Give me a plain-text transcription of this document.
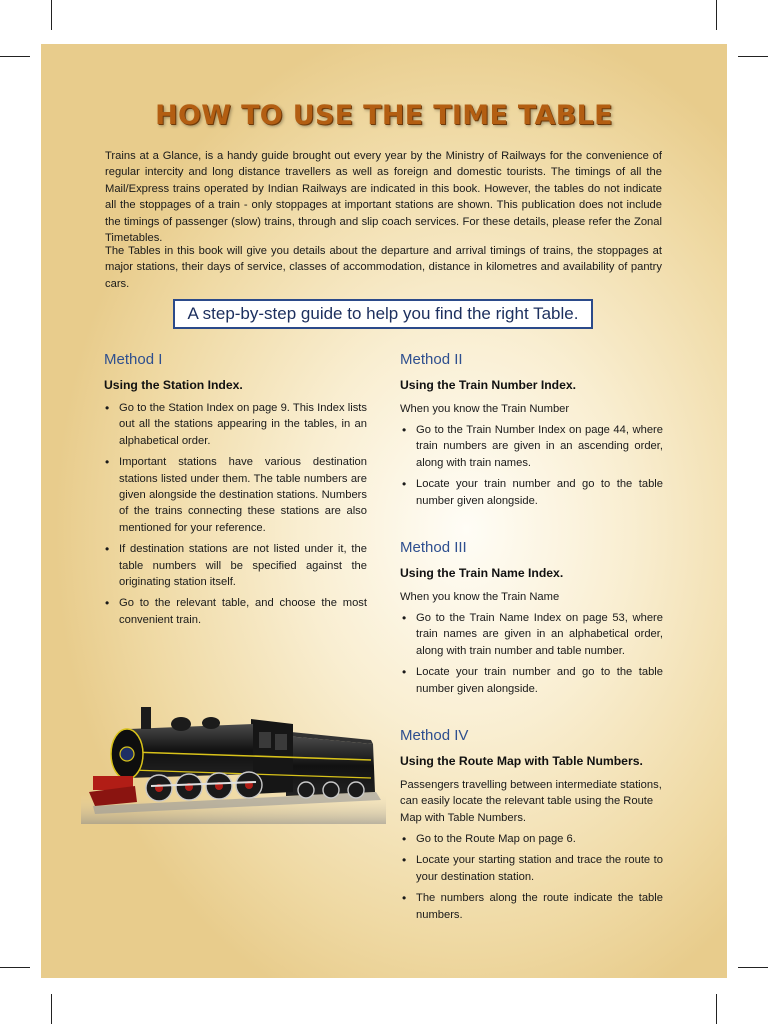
HOW TO USE THE TIME TABLE

Trains at a Glance, is a handy guide brought out every year by the Ministry of Railways for the convenience of regular intercity and long distance travellers as well as foreign and domestic tourists. The timings of all the Mail/Express trains operated by Indian Railways are indicated in this book. However, the tables do not indicate all the stoppages of a train - only stoppages at important stations are shown. This publication does not include the timings of passenger (slow) trains, through and slip coach services. For these details, please refer the Zonal Timetables.

The Tables in this book will give you details about the departure and arrival timings of trains, the stoppages at major stations, their days of service, classes of accommodation, distance in kilometres and availability of pantry cars.

A step-by-step guide to help you find the right Table.
Method I
Using the Station Index.
• Go to the Station Index on page 9. This Index lists out all the stations appearing in the tables, in an alphabetical order.
• Important stations have various destination stations listed under them. The table numbers are given alongside the destination stations. Numbers of the trains connecting these stations are also mentioned for your reference.
• If destination stations are not listed under it, the table numbers will be specified against the originating station itself.
• Go to the relevant table, and choose the most convenient train.
Method II
Using the Train Number Index.

When you know the Train Number

• Go to the Train Number Index on page 44, where train numbers are given in an ascending order, along with train names.
• Locate your train number and go to the table number given alongside.
Method III
Using the Train Name Index.

When you know the Train Name

• Go to the Train Name Index on page 53, where train names are given in an alphabetical order, along with train number and table number.
• Locate your train number and go to the table number given alongside.
Method IV
Using the Route Map with Table Numbers.

Passengers travelling between intermediate stations, can easily locate the relevant table using the Route Map with Table Numbers.

• Go to the Route Map on page 6.
• Locate your starting station and trace the route to your destination station.
• The numbers along the route indicate the table numbers.
